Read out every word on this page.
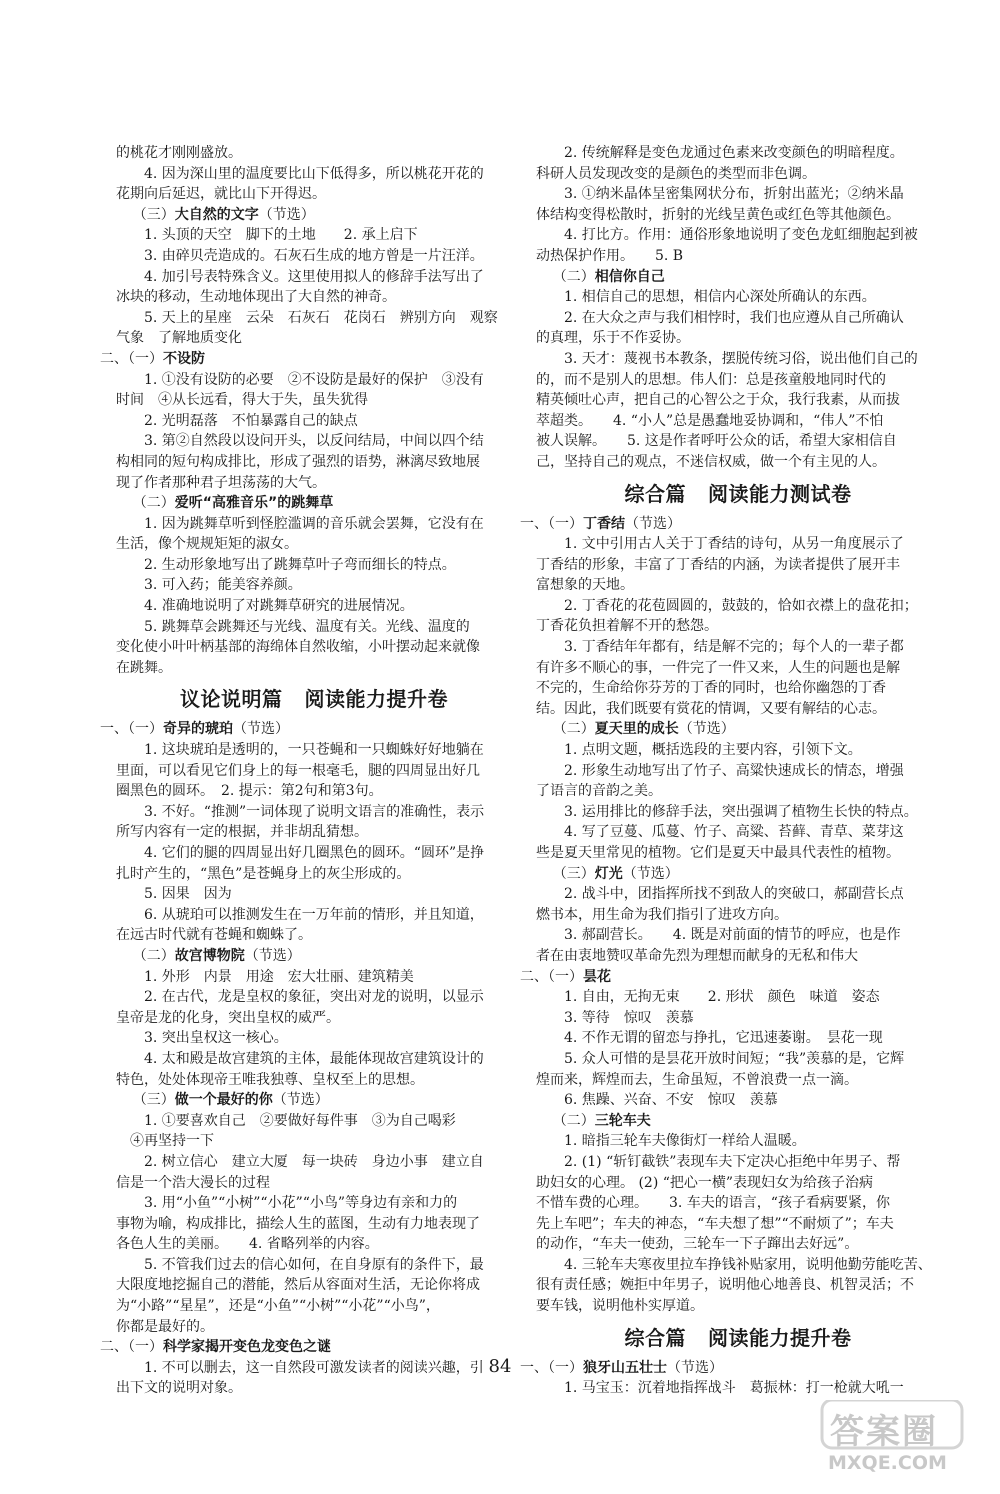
的桃花才刚刚盛放。
4. 因为深山里的温度要比山下低得多，所以桃花开花的
花期向后延迟，就比山下开得迟。
（三）大自然的文字（节选）
1. 头顶的天空　脚下的土地　　2. 承上启下
3. 由碎贝壳造成的。石灰石生成的地方曾是一片汪洋。
4. 加引号表特殊含义。这里使用拟人的修辞手法写出了
冰块的移动，生动地体现出了大自然的神奇。
5. 天上的星座　云朵　石灰石　花岗石　辨别方向　观察
气象　了解地质变化
二、（一）不设防
1. ①没有设防的必要　②不设防是最好的保护　③没有
时间　④从长远看，得大于失，虽失犹得
2. 光明磊落　不怕暴露自己的缺点
3. 第②自然段以设问开头，以反问结局，中间以四个结
构相同的短句构成排比，形成了强烈的语势，淋漓尽致地展
现了作者那种君子坦荡荡的大气。
（二）爱听“高雅音乐”的跳舞草
1. 因为跳舞草听到怪腔滥调的音乐就会罢舞，它没有在
生活，像个规规矩矩的淑女。
2. 生动形象地写出了跳舞草叶子弯而细长的特点。
3. 可入药；能美容养颜。
4. 准确地说明了对跳舞草研究的进展情况。
5. 跳舞草会跳舞还与光线、温度有关。光线、温度的
变化使小叶叶柄基部的海绵体自然收缩，小叶摆动起来就像
在跳舞。
议论说明篇 阅读能力提升卷
一、（一）奇异的琥珀（节选）
1. 这块琥珀是透明的，一只苍蝇和一只蜘蛛好好地躺在
里面，可以看见它们身上的每一根毫毛，腿的四周显出好几
圈黑色的圆环。　2. 提示：第2句和第3句。
3. 不好。“推测”一词体现了说明文语言的准确性，表示
所写内容有一定的根据，并非胡乱猜想。
4. 它们的腿的四周显出好几圈黑色的圆环。“圆环”是挣
扎时产生的，“黑色”是苍蝇身上的灰尘形成的。
5. 因果　因为
6. 从琥珀可以推测发生在一万年前的情形，并且知道，
在远古时代就有苍蝇和蜘蛛了。
（二）故宫博物院（节选）
1. 外形　内景　用途　宏大壮丽、建筑精美
2. 在古代，龙是皇权的象征，突出对龙的说明，以显示
皇帝是龙的化身，突出皇权的威严。
3. 突出皇权这一核心。
4. 太和殿是故宫建筑的主体，最能体现故宫建筑设计的
特色，处处体现帝王唯我独尊、皇权至上的思想。
（三）做一个最好的你（节选）
1. ①要喜欢自己　②要做好每件事　③为自己喝彩
　④再坚持一下
2. 树立信心　建立大厦　每一块砖　身边小事　建立自
信是一个浩大漫长的过程
3. 用“小鱼”“小树”“小花”“小鸟”等身边有亲和力的
事物为喻，构成排比，描绘人生的蓝图，生动有力地表现了
各色人生的美丽。　　4. 省略列举的内容。
5. 不管我们过去的信心如何，在自身原有的条件下，最
大限度地挖掘自己的潜能，然后从容面对生活，无论你将成
为“小路”“星星”，还是“小鱼”“小树”“小花”“小鸟”，
你都是最好的。
二、（一）科学家揭开变色龙变色之谜
1. 不可以删去，这一自然段可激发读者的阅读兴趣，引
出下文的说明对象。
2. 传统解释是变色龙通过色素来改变颜色的明暗程度。
科研人员发现改变的是颜色的类型而非色调。
3. ①纳米晶体呈密集网状分布，折射出蓝光；②纳米晶
体结构变得松散时，折射的光线呈黄色或红色等其他颜色。
4. 打比方。作用：通俗形象地说明了变色龙虹细胞起到被
动热保护作用。　　5. B
（二）相信你自己
1. 相信自己的思想，相信内心深处所确认的东西。
2. 在大众之声与我们相悖时，我们也应遵从自己所确认
的真理，乐于不作妥协。
3. 天才：蔑视书本教条，摆脱传统习俗，说出他们自己的
的，而不是别人的思想。伟人们：总是孩童般地同时代的
精英倾吐心声，把自己的心智公之于众，我行我素，从而拔
萃超类。　　4. “小人”总是愚蠢地妥协调和，“伟人”不怕
被人误解。　　5. 这是作者呼吁公众的话，希望大家相信自
己，坚持自己的观点，不迷信权威，做一个有主见的人。
综合篇 阅读能力测试卷
一、（一）丁香结（节选）
1. 文中引用古人关于丁香结的诗句，从另一角度展示了
丁香结的形象，丰富了丁香结的内涵，为读者提供了展开丰
富想象的天地。
2. 丁香花的花苞圆圆的，鼓鼓的，恰如衣襟上的盘花扣；
丁香花负担着解不开的愁怨。
3. 丁香结年年都有，结是解不完的；每个人的一辈子都
有许多不顺心的事，一件完了一件又来，人生的问题也是解
不完的，生命给你芬芳的丁香的同时，也给你幽怨的丁香
结。因此，我们既要有赏花的情调，又要有解结的心志。
（二）夏天里的成长（节选）
1. 点明文题，概括选段的主要内容，引领下文。
2. 形象生动地写出了竹子、高粱快速成长的情态，增强
了语言的音韵之美。
3. 运用排比的修辞手法，突出强调了植物生长快的特点。
4. 写了豆蔓、瓜蔓、竹子、高粱、苔藓、青草、菜芽这
些是夏天里常见的植物。它们是夏天中最具代表性的植物。
（三）灯光（节选）
2. 战斗中，团指挥所找不到敌人的突破口，郝副营长点
燃书本，用生命为我们指引了进攻方向。
3. 郝副营长。　　4. 既是对前面的情节的呼应，也是作
者在由衷地赞叹革命先烈为理想而献身的无私和伟大
二、（一）昙花
1. 自由，无拘无束　　2. 形状　颜色　味道　姿态
3. 等待　惊叹　羡慕
4. 不作无谓的留恋与挣扎，它迅速萎谢。　昙花一现
5. 众人可惜的是昙花开放时间短；“我”羡慕的是，它辉
煌而来，辉煌而去，生命虽短，不曾浪费一点一滴。
6. 焦躁、兴奋、不安　惊叹　羡慕
（二）三轮车夫
1. 暗指三轮车夫像街灯一样给人温暖。
2. (1) “斩钉截铁”表现车夫下定决心拒绝中年男子、帮
助妇女的心理。 (2) “把心一横”表现妇女为给孩子治病
不惜车费的心理。　　3. 车夫的语言，“孩子看病要紧，你
先上车吧”；车夫的神态，“车夫想了想”“不耐烦了”；车夫
的动作，“车夫一使劲，三轮车一下子蹿出去好远”。
4. 三轮车夫寒夜里拉车挣钱补贴家用，说明他勤劳能吃苦、
很有责任感；婉拒中年男子，说明他心地善良、机智灵活；不
要车钱，说明他朴实厚道。
综合篇 阅读能力提升卷
一、（一）狼牙山五壮士（节选）
1. 马宝玉：沉着地指挥战斗　葛振林：打一枪就大吼一
84
答案圈
MXQE.COM
